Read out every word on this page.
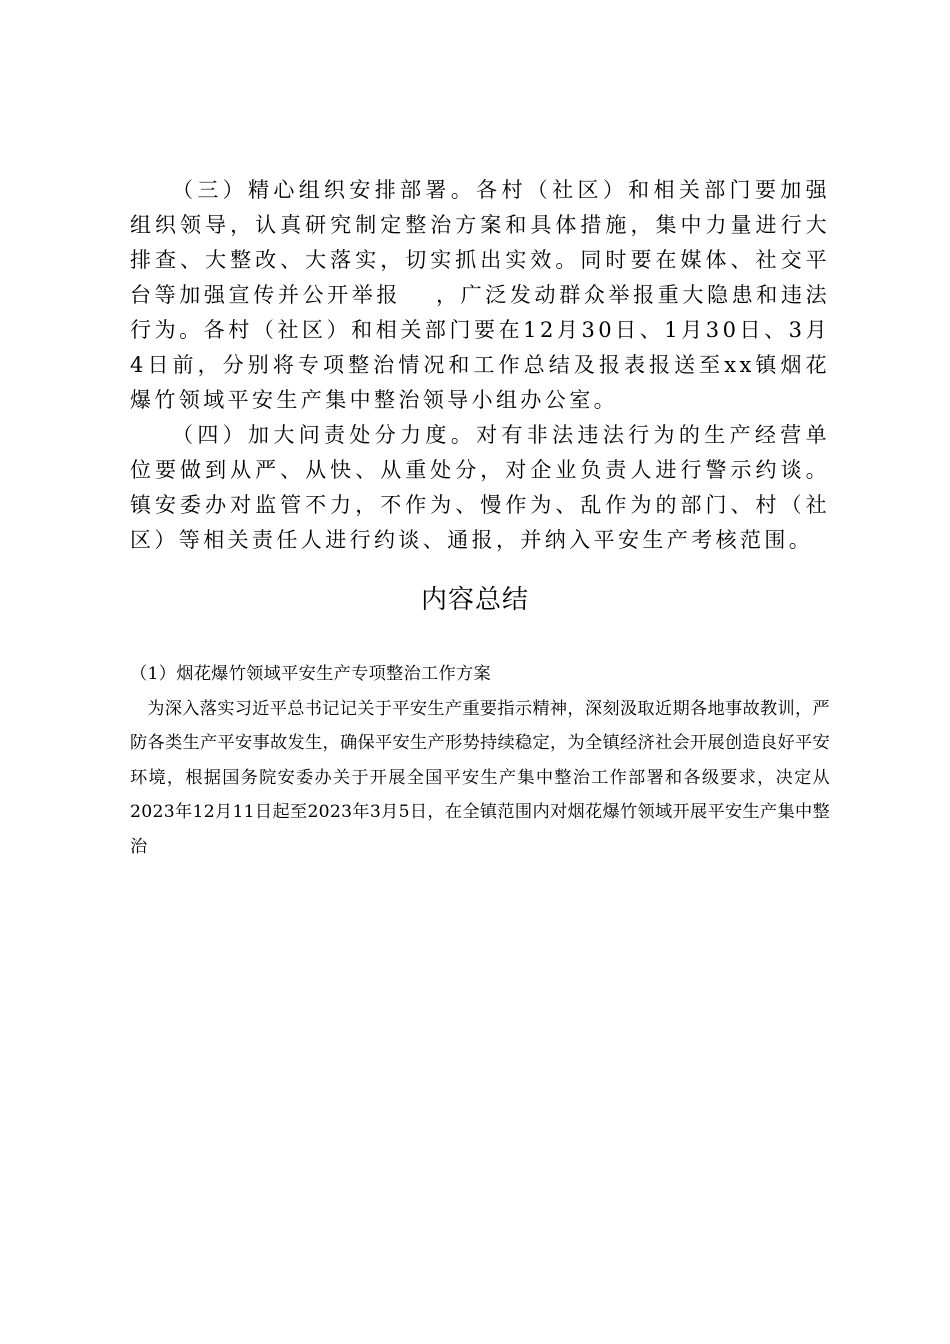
（三）精心组织安排部署。各村（社区）和相关部门要加强组织领导，认真研究制定整治方案和具体措施，集中力量进行大排查、大整改、大落实，切实抓出实效。同时要在媒体、社交平台等加强宣传并公开举报　 ，广泛发动群众举报重大隐患和违法行为。各村（社区）和相关部门要在12月30日、1月30日、3月4日前，分别将专项整治情况和工作总结及报表报送至xx镇烟花爆竹领域平安生产集中整治领导小组办公室。

（四）加大问责处分力度。对有非法违法行为的生产经营单位要做到从严、从快、从重处分，对企业负责人进行警示约谈。镇安委办对监管不力，不作为、慢作为、乱作为的部门、村（社区）等相关责任人进行约谈、通报，并纳入平安生产考核范围。

内容总结

（1）烟花爆竹领域平安生产专项整治工作方案

为深入落实习近平总书记记关于平安生产重要指示精神，深刻汲取近期各地事故教训，严防各类生产平安事故发生，确保平安生产形势持续稳定，为全镇经济社会开展创造良好平安环境，根据国务院安委办关于开展全国平安生产集中整治工作部署和各级要求，决定从2023年12月11日起至2023年3月5日，在全镇范围内对烟花爆竹领域开展平安生产集中整治
